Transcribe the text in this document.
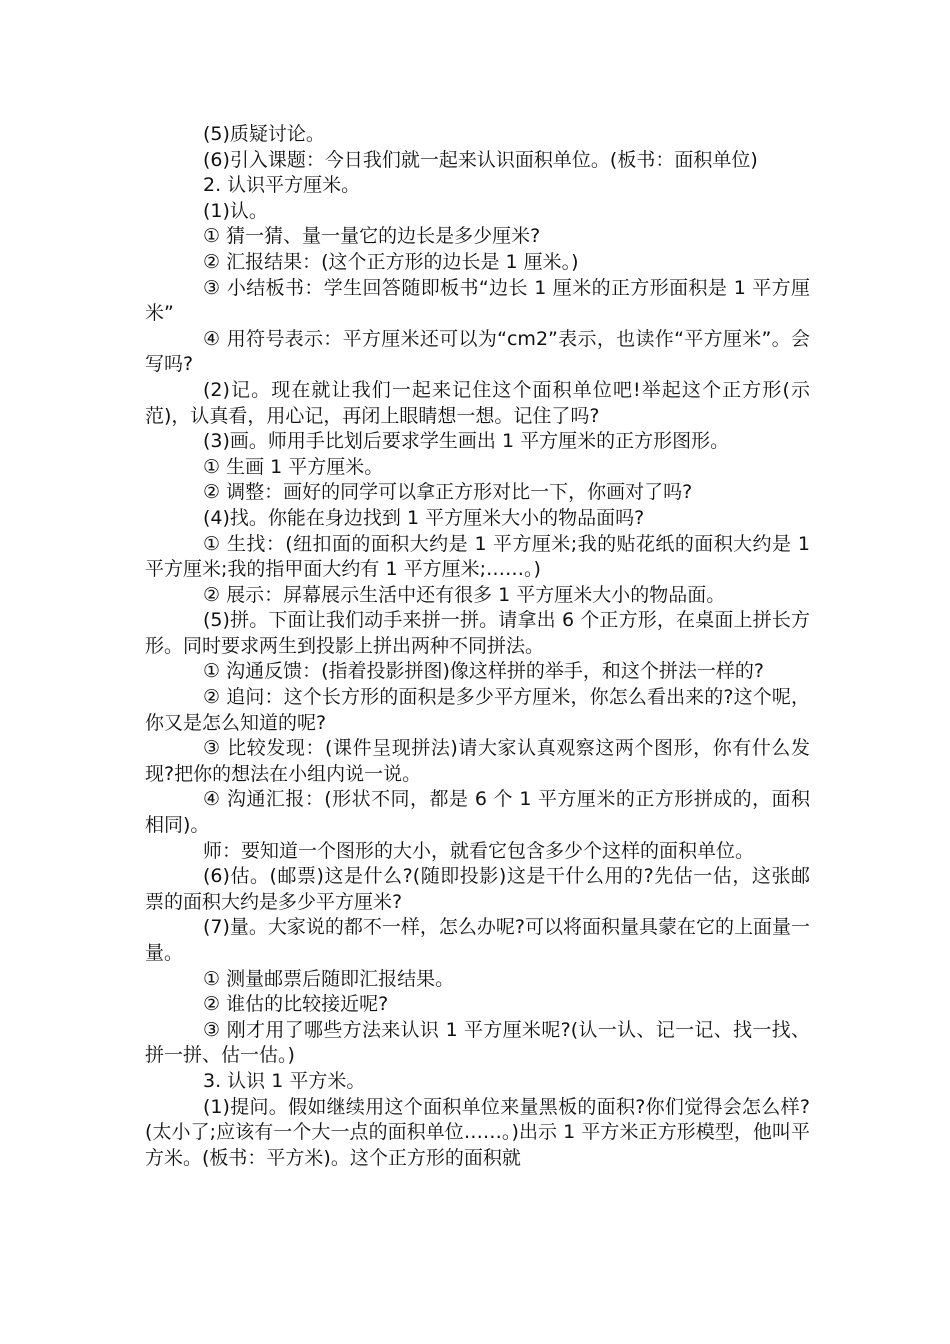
(5)质疑讨论。

(6)引入课题：今日我们就一起来认识面积单位。(板书：面积单位)

2. 认识平方厘米。

(1)认。

① 猜一猜、量一量它的边长是多少厘米?

② 汇报结果：(这个正方形的边长是 1 厘米。)

③ 小结板书：学生回答随即板书“边长 1 厘米的正方形面积是 1 平方厘米”

④ 用符号表示：平方厘米还可以为“cm2”表示，也读作“平方厘米”。会写吗?

(2)记。现在就让我们一起来记住这个面积单位吧!举起这个正方形(示范)，认真看，用心记，再闭上眼睛想一想。记住了吗?

(3)画。师用手比划后要求学生画出 1 平方厘米的正方形图形。

① 生画 1 平方厘米。

② 调整：画好的同学可以拿正方形对比一下，你画对了吗?

(4)找。你能在身边找到 1 平方厘米大小的物品面吗?

① 生找：(纽扣面的面积大约是 1 平方厘米;我的贴花纸的面积大约是 1 平方厘米;我的指甲面大约有 1 平方厘米;……。)

② 展示：屏幕展示生活中还有很多 1 平方厘米大小的物品面。

(5)拼。下面让我们动手来拼一拼。请拿出 6 个正方形，在桌面上拼长方形。同时要求两生到投影上拼出两种不同拼法。

① 沟通反馈：(指着投影拼图)像这样拼的举手，和这个拼法一样的?

② 追问：这个长方形的面积是多少平方厘米，你怎么看出来的?这个呢，你又是怎么知道的呢?

③ 比较发现：(课件呈现拼法)请大家认真观察这两个图形，你有什么发现?把你的想法在小组内说一说。

④ 沟通汇报：(形状不同，都是 6 个 1 平方厘米的正方形拼成的，面积相同)。

师：要知道一个图形的大小，就看它包含多少个这样的面积单位。

(6)估。(邮票)这是什么?(随即投影)这是干什么用的?先估一估，这张邮票的面积大约是多少平方厘米?

(7)量。大家说的都不一样，怎么办呢?可以将面积量具蒙在它的上面量一量。

① 测量邮票后随即汇报结果。

② 谁估的比较接近呢?

③ 刚才用了哪些方法来认识 1 平方厘米呢?(认一认、记一记、找一找、拼一拼、估一估。)

3. 认识 1 平方米。

(1)提问。假如继续用这个面积单位来量黑板的面积?你们觉得会怎么样?(太小了;应该有一个大一点的面积单位……。)出示 1 平方米正方形模型，他叫平方米。(板书：平方米)。这个正方形的面积就
